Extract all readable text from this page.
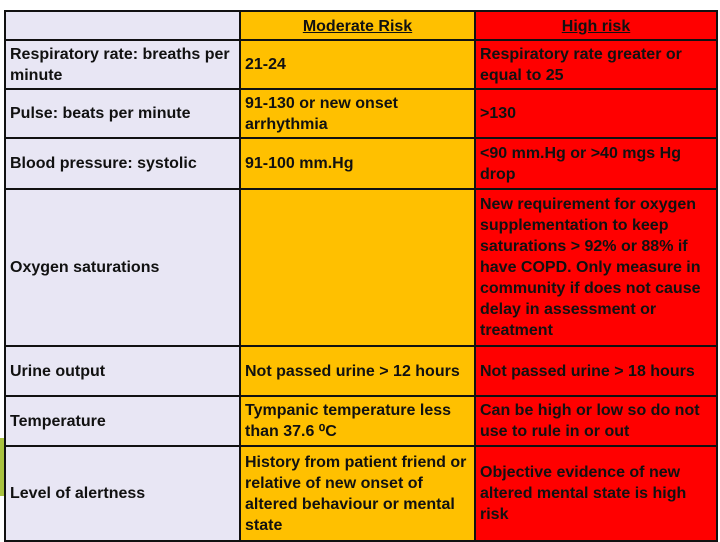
	Moderate Risk	High risk
Respiratory rate: breaths per minute	21-24	Respiratory rate greater or equal to 25
Pulse: beats per minute	91-130 or new onset arrhythmia	>130
Blood pressure: systolic	91-100 mm.Hg	<90 mm.Hg or >40 mgs Hg drop
Oxygen saturations		New requirement for oxygen supplementation to keep saturations > 92% or 88% if have COPD. Only measure in community if does not cause delay in assessment or treatment
Urine output	Not passed urine > 12 hours	Not passed urine > 18 hours
Temperature	Tympanic temperature less than 37.6 ⁰C	Can be high or low so do not use to rule in or out
Level of alertness	History from patient friend or relative of new onset of altered behaviour or mental state	Objective evidence of new altered mental state is high risk
